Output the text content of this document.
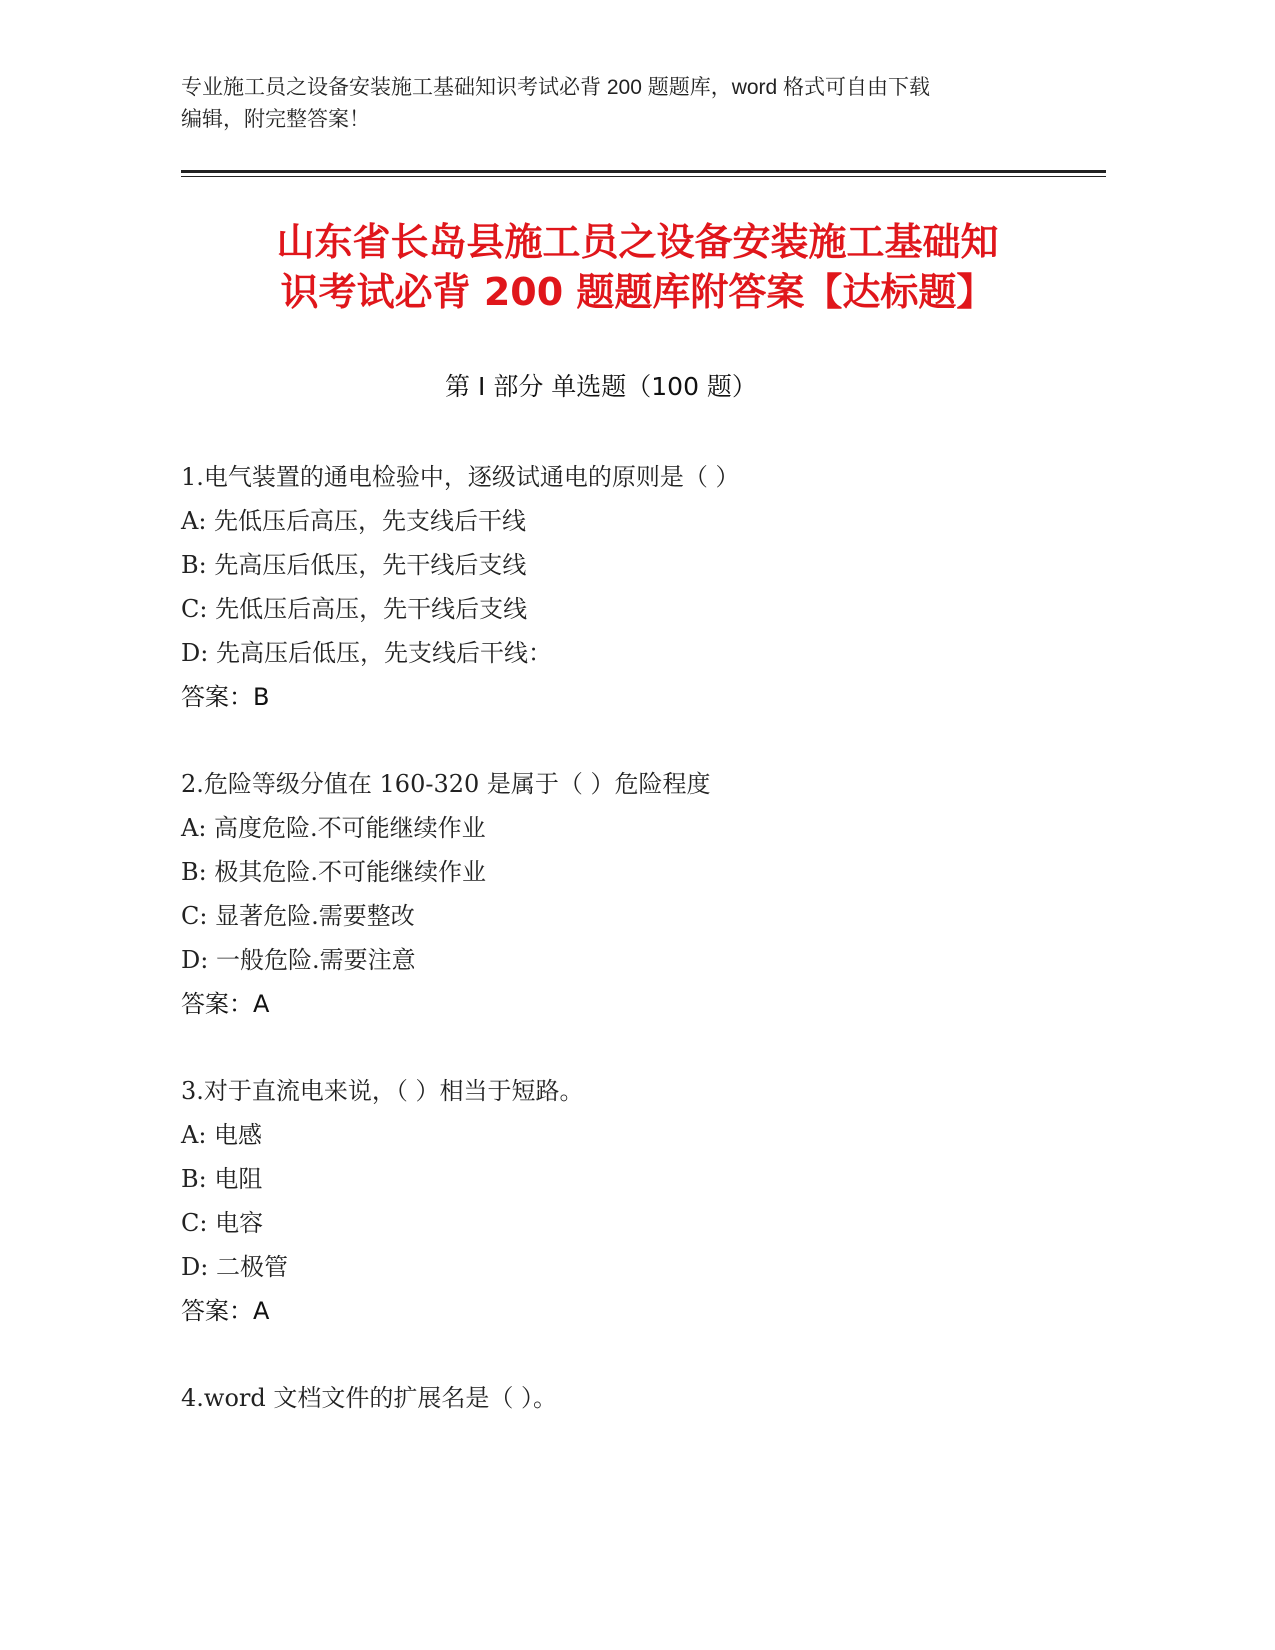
专业施工员之设备安装施工基础知识考试必背 200 题题库，word 格式可自由下载
编辑，附完整答案！
山东省长岛县施工员之设备安装施工基础知
识考试必背 200 题题库附答案【达标题】
第 I 部分 单选题（100 题）
1.电气装置的通电检验中，逐级试通电的原则是（ ）
A: 先低压后高压，先支线后干线
B: 先高压后低压，先干线后支线
C: 先低压后高压，先干线后支线
D: 先高压后低压，先支线后干线：
答案：B
2.危险等级分值在 160-320 是属于（ ）危险程度
A: 高度危险.不可能继续作业
B: 极其危险.不可能继续作业
C: 显著危险.需要整改
D: 一般危险.需要注意
答案：A
3.对于直流电来说，（ ）相当于短路。
A: 电感
B: 电阻
C: 电容
D: 二极管
答案：A
4.word 文档文件的扩展名是（ ）。
